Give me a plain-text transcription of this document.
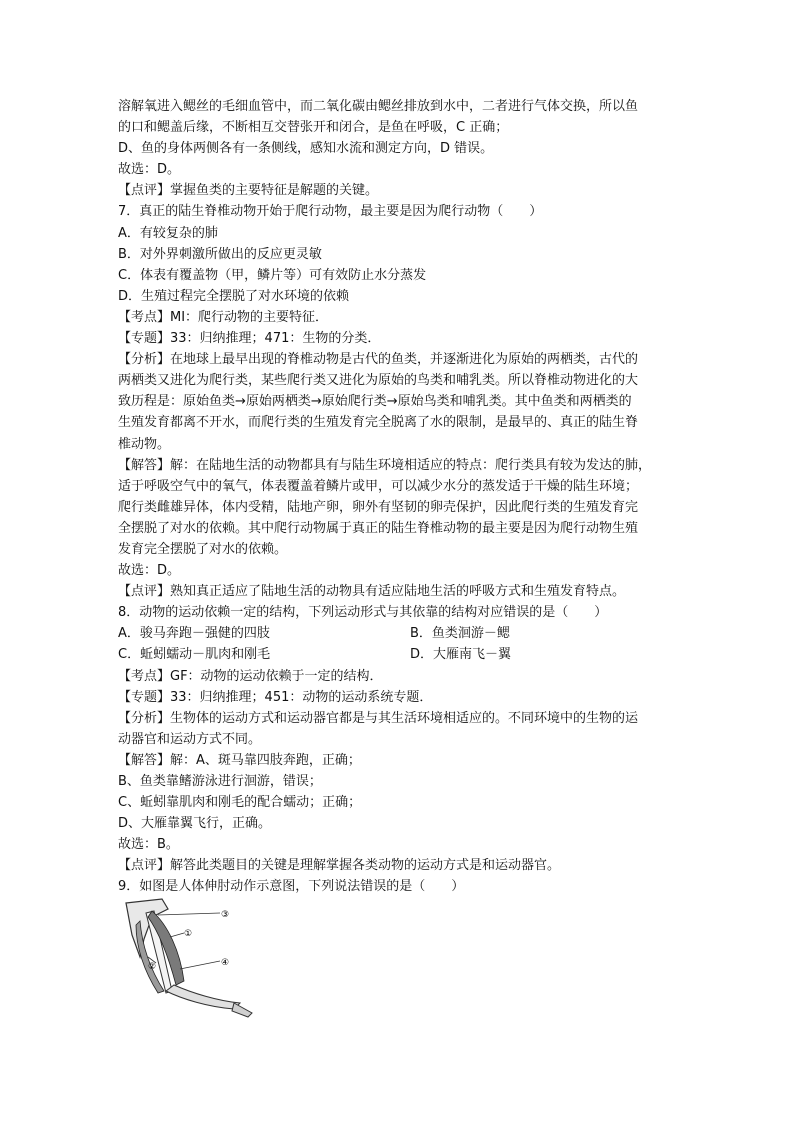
溶解氧进入鳃丝的毛细血管中，而二氧化碳由鳃丝排放到水中，二者进行气体交换，所以鱼
的口和鳃盖后缘，不断相互交替张开和闭合，是鱼在呼吸，C 正确；
D、鱼的身体两侧各有一条侧线，感知水流和测定方向，D 错误。
故选：D。
【点评】掌握鱼类的主要特征是解题的关键。
7．真正的陆生脊椎动物开始于爬行动物，最主要是因为爬行动物（　　）
A．有较复杂的肺
B．对外界刺激所做出的反应更灵敏
C．体表有覆盖物（甲，鳞片等）可有效防止水分蒸发
D．生殖过程完全摆脱了对水环境的依赖
【考点】MI：爬行动物的主要特征．
【专题】33：归纳推理；471：生物的分类．
【分析】在地球上最早出现的脊椎动物是古代的鱼类，并逐渐进化为原始的两栖类，古代的
两栖类又进化为爬行类，某些爬行类又进化为原始的鸟类和哺乳类。所以脊椎动物进化的大
致历程是：原始鱼类→原始两栖类→原始爬行类→原始鸟类和哺乳类。其中鱼类和两栖类的
生殖发育都离不开水，而爬行类的生殖发育完全脱离了水的限制，是最早的、真正的陆生脊
椎动物。
【解答】解：在陆地生活的动物都具有与陆生环境相适应的特点：爬行类具有较为发达的肺，
适于呼吸空气中的氧气，体表覆盖着鳞片或甲，可以减少水分的蒸发适于干燥的陆生环境；
爬行类雌雄异体，体内受精，陆地产卵，卵外有坚韧的卵壳保护，因此爬行类的生殖发育完
全摆脱了对水的依赖。其中爬行动物属于真正的陆生脊椎动物的最主要是因为爬行动物生殖
发育完全摆脱了对水的依赖。
故选：D。
【点评】熟知真正适应了陆地生活的动物具有适应陆地生活的呼吸方式和生殖发育特点。
8．动物的运动依赖一定的结构，下列运动形式与其依靠的结构对应错误的是（　　）
A．骏马奔跑－强健的四肢	B．鱼类洄游－鳃
C．蚯蚓蠕动－肌肉和刚毛	D．大雁南飞－翼
【考点】GF：动物的运动依赖于一定的结构．
【专题】33：归纳推理；451：动物的运动系统专题．
【分析】生物体的运动方式和运动器官都是与其生活环境相适应的。不同环境中的生物的运
动器官和运动方式不同。
【解答】解：A、斑马靠四肢奔跑，正确；
B、鱼类靠鳍游泳进行洄游，错误；
C、蚯蚓靠肌肉和刚毛的配合蠕动；正确；
D、大雁靠翼飞行，正确。
故选：B。
【点评】解答此类题目的关键是理解掌握各类动物的运动方式是和运动器官。
9．如图是人体伸肘动作示意图，下列说法错误的是（　　）
③
①
④
②
